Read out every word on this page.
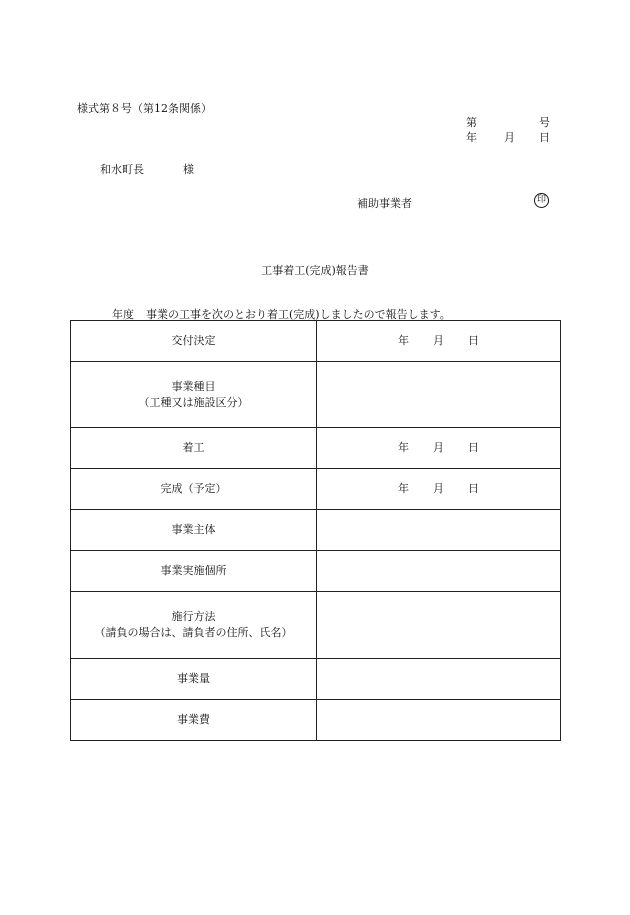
様式第８号（第12条関係）
第	号
年 月 日
和水町長	様
補助事業者	印
工事着工(完成)報告書
年度 事業の工事を次のとおり着工(完成)しましたので報告します。
交付決定	年 月 日

事業種目
（工種又は施設区分）	

着工	年 月 日

完成（予定）	年 月 日

事業主体	

事業実施個所	

施行方法
（請負の場合は、請負者の住所、氏名）	

事業量	

事業費	
